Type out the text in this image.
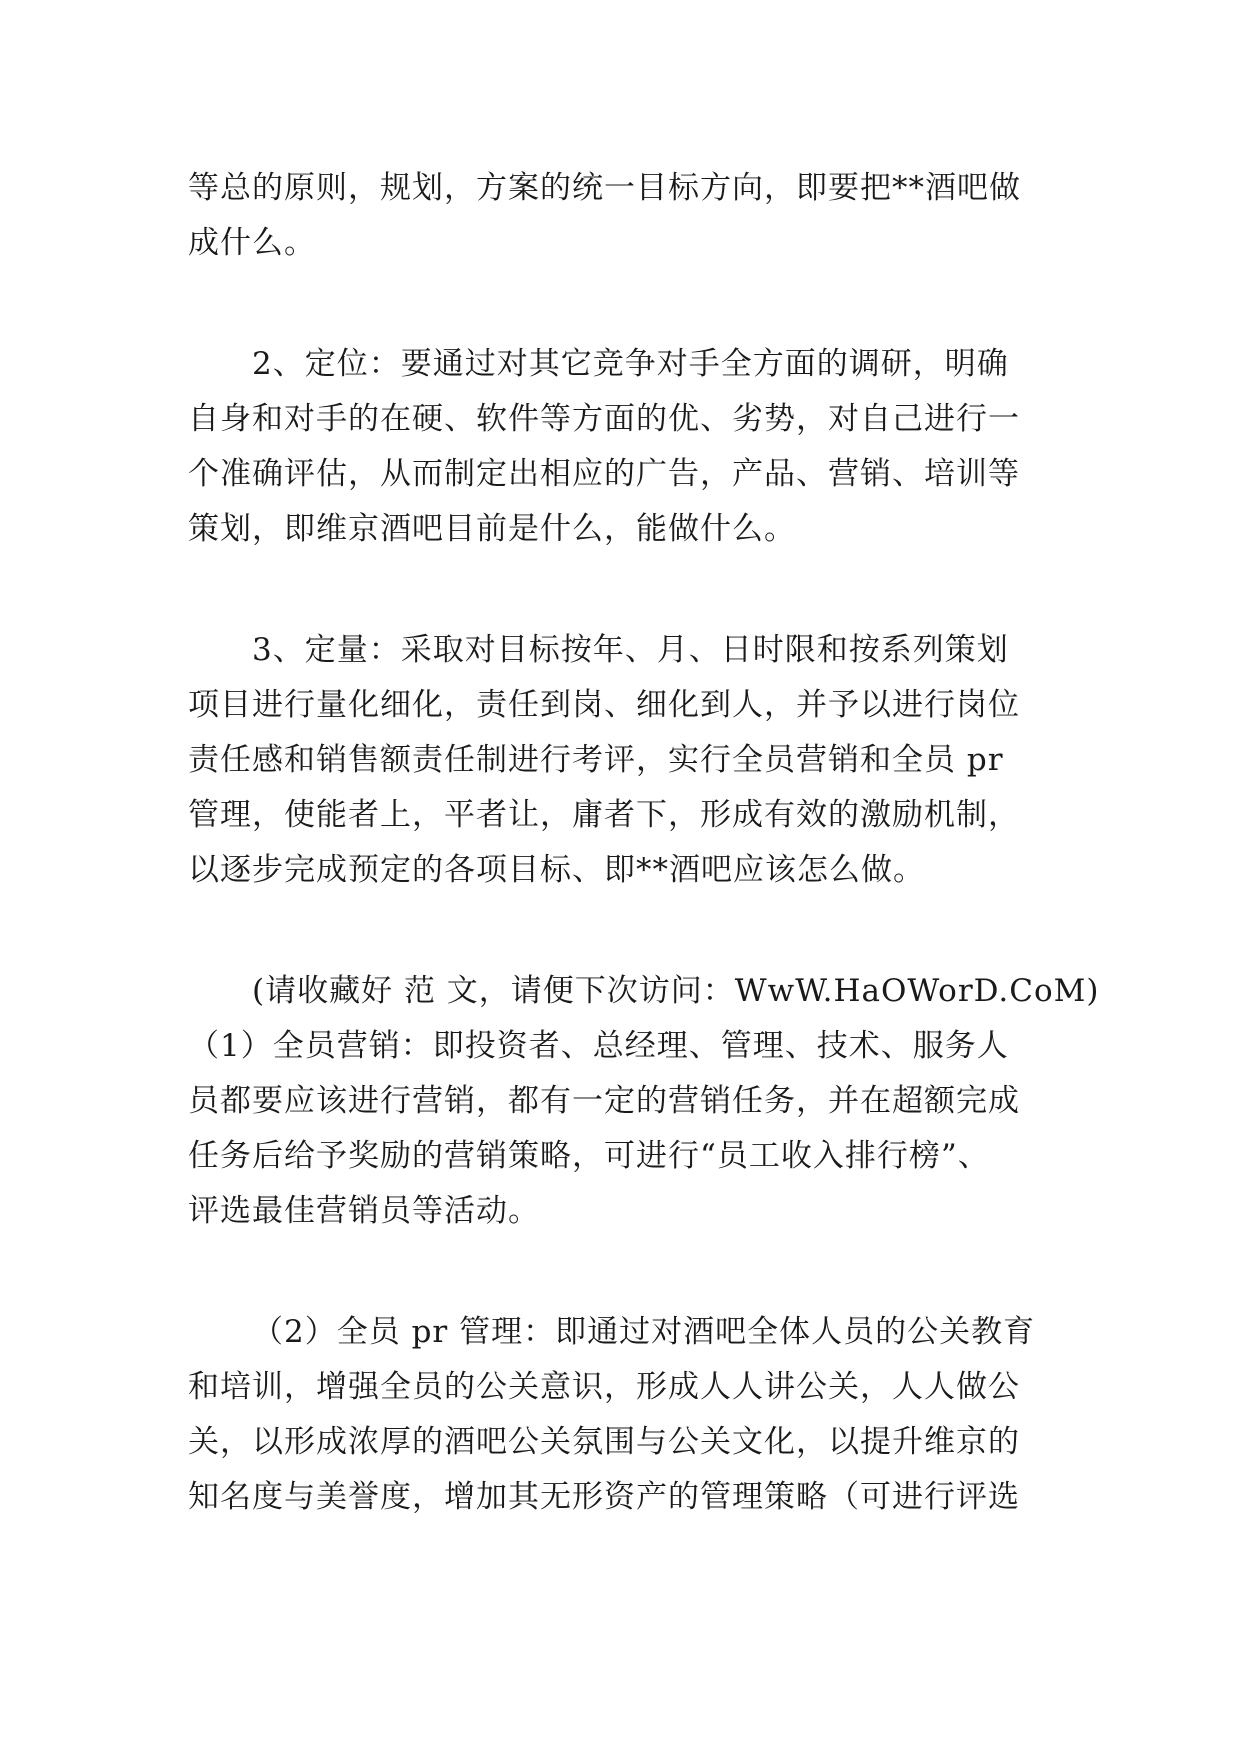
等总的原则，规划，方案的统一目标方向，即要把**酒吧做
成什么。
2、定位：要通过对其它竞争对手全方面的调研，明确
自身和对手的在硬、软件等方面的优、劣势，对自己进行一
个准确评估，从而制定出相应的广告，产品、营销、培训等
策划，即维京酒吧目前是什么，能做什么。
3、定量：采取对目标按年、月、日时限和按系列策划
项目进行量化细化，责任到岗、细化到人，并予以进行岗位
责任感和销售额责任制进行考评，实行全员营销和全员 pr
管理，使能者上，平者让，庸者下，形成有效的激励机制，
以逐步完成预定的各项目标、即**酒吧应该怎么做。
(请收藏好 范 文，请便下次访问：WwW.HaOWorD.CoM)
（1）全员营销：即投资者、总经理、管理、技术、服务人
员都要应该进行营销，都有一定的营销任务，并在超额完成
任务后给予奖励的营销策略，可进行“员工收入排行榜”、
评选最佳营销员等活动。
（2）全员 pr 管理：即通过对酒吧全体人员的公关教育
和培训，增强全员的公关意识，形成人人讲公关，人人做公
关，以形成浓厚的酒吧公关氛围与公关文化，以提升维京的
知名度与美誉度，增加其无形资产的管理策略（可进行评选
